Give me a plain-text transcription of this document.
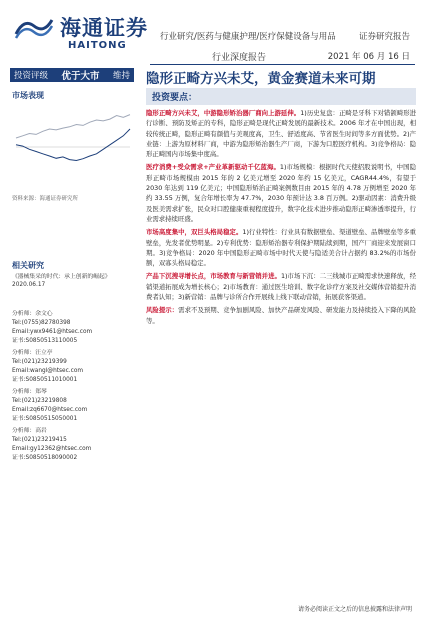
海通证券
HAITONG
行业研究/医药与健康护理/医疗保健设备与用品	证券研究报告
行业深度报告	2021 年 06 月 16 日
投资评级 优于大市 维持 隐形正畸方兴未艾，黄金赛道未来可期
市场表现
资料来源：海通证券研究所
相关研究
《器械集采的时代：承上创新的崛起》2020.06.17
分析师：余文心
Tel:(0755)82780398
Email:ywx9461@htsec.com
证书:S0850513110005
分析师：汪立亭
Tel:(021)23219399
Email:wangl@htsec.com
证书:S0850511010001
分析师：郑琴
Tel:(021)23219808
Email:zq6670@htsec.com
证书:S0850515050001
分析师：高岩
Tel:(021)23219415
Email:gy12362@htsec.com
证书:S0850518090002
投资要点：
隐形正畸方兴未艾，中游隐形矫治器厂商向上游延伸。1)历史复盘：正畸是牙科下对错颌畸形进行诊断、预防及矫正的专科，隐形正畸是现代正畸发展的最新技术。2006 年才在中国出现，相较传统正畸，隐形正畸有颜值与美观度高，卫生、舒适度高、节省医生时间等多方面优势。2)产业链：上游为原材料厂商，中游为隐形矫治器生产厂商，下游为口腔医疗机构。3)竞争格局：隐形正畸国内市场集中度高。
医疗消费+受众需求+产业革新驱动千亿蓝海。1)市场规模：根据时代天使招股说明书，中国隐形正畸市场规模由 2015 年的 2 亿美元增至 2020 年约 15 亿美元，CAGR44.4%，有望于 2030 年达到 119 亿美元；中国隐形矫治正畸案例数目由 2015 年的 4.78 万例增至 2020 年约 33.55 万例，复合年增长率为 47.7%，2030 年预计达 3.8 百万例。2)驱动因素：消费升级及医美需求扩张，民众对口腔健康重视程度提升，数字化技术进步推动隐形正畸渗透率提升，行业需求持续旺盛。
市场高度集中，双巨头格局稳定。1)行业特性：行业具有数据壁垒、渠道壁垒、品牌壁垒等多重壁垒，先发者优势明显。2)专利优势：隐形矫治器专利保护期陆续到期，国产厂商迎来发展窗口期。3)竞争格局：2020 年中国隐形正畸市场中时代天使与隐适美合计占据约 83.2%的市场份额，双寡头格局稳定。
产品下沉搜寻增长点，市场教育与新营销并进。1)市场下沉：二三线城市正畸需求快速释放，经销渠道拓展成为增长核心；2)市场教育：通过医生培训、数字化诊疗方案及社交媒体营销提升消费者认知；3)新营销：品牌与诊所合作开展线上线下联动营销，拓展获客渠道。
风险提示：需求不及预期、竞争加剧风险、加快产品研发风险、研发能力及持续投入下降的风险等。
请务必阅读正文之后的信息披露和法律声明
